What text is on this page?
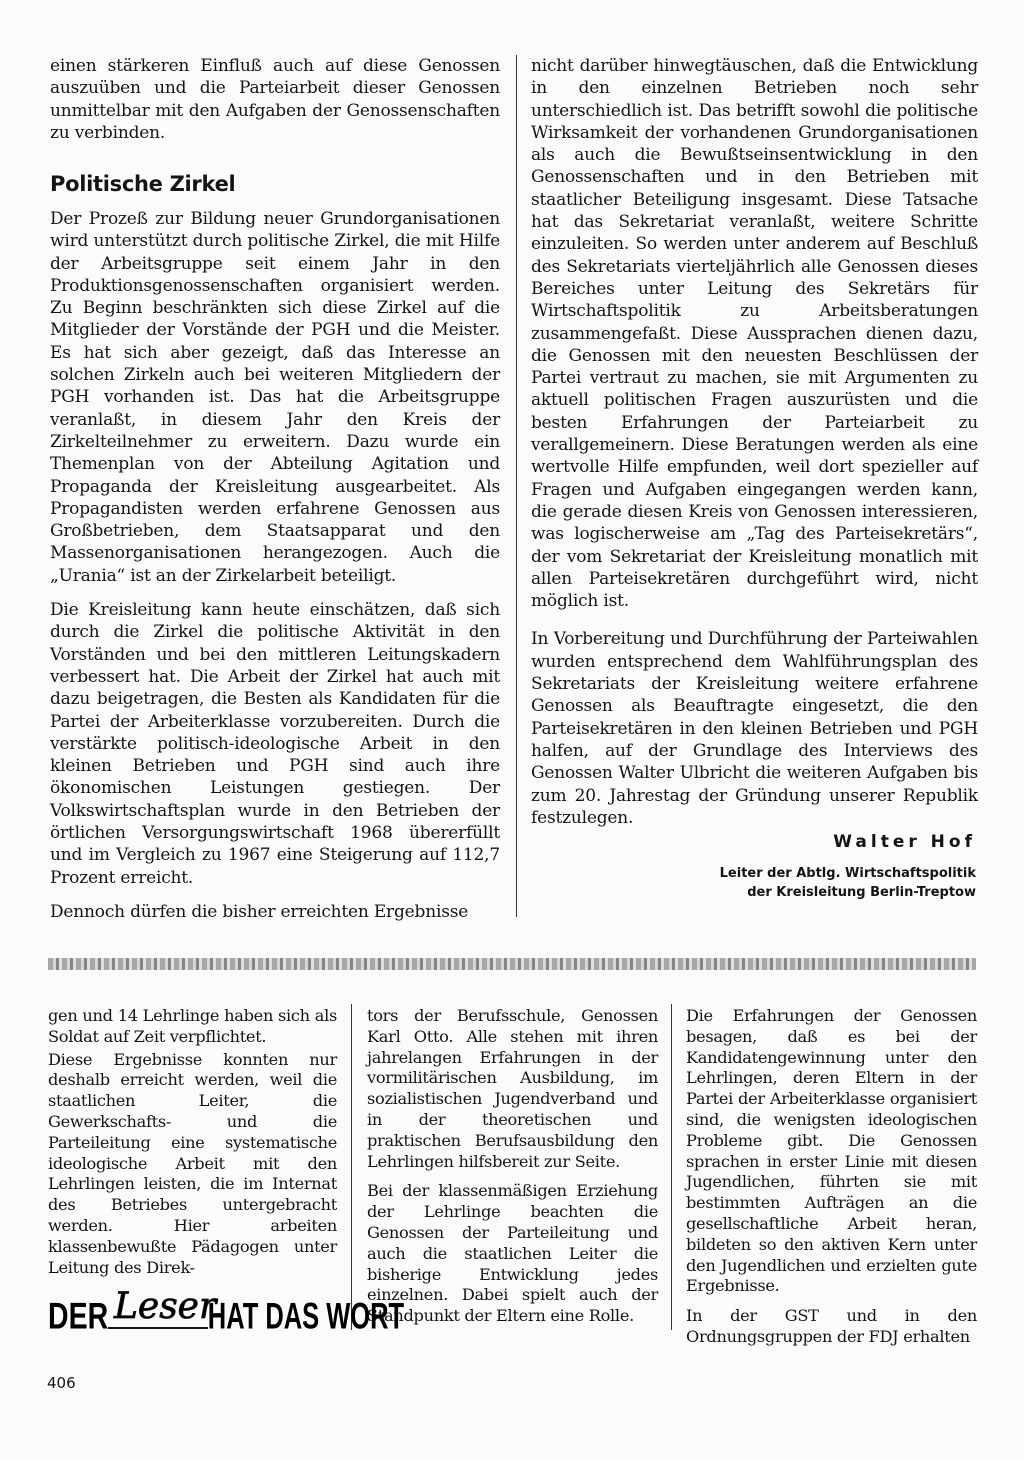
einen stärkeren Einfluß auch auf diese Genossen auszuüben und die Parteiarbeit dieser Genossen unmittelbar mit den Aufgaben der Genossenschaften zu verbinden.

Politische Zirkel

Der Prozeß zur Bildung neuer Grundorganisationen wird unterstützt durch politische Zirkel, die mit Hilfe der Arbeitsgruppe seit einem Jahr in den Produktionsgenossenschaften organisiert werden. Zu Beginn beschränkten sich diese Zirkel auf die Mitglieder der Vorstände der PGH und die Meister. Es hat sich aber gezeigt, daß das Interesse an solchen Zirkeln auch bei weiteren Mitgliedern der PGH vorhanden ist. Das hat die Arbeitsgruppe veranlaßt, in diesem Jahr den Kreis der Zirkelteilnehmer zu erweitern. Dazu wurde ein Themenplan von der Abteilung Agitation und Propaganda der Kreisleitung ausgearbeitet. Als Propagandisten werden erfahrene Genossen aus Großbetrieben, dem Staatsapparat und den Massenorganisationen herangezogen. Auch die „Urania“ ist an der Zirkelarbeit beteiligt.

Die Kreisleitung kann heute einschätzen, daß sich durch die Zirkel die politische Aktivität in den Vorständen und bei den mittleren Leitungskadern verbessert hat. Die Arbeit der Zirkel hat auch mit dazu beigetragen, die Besten als Kandidaten für die Partei der Arbeiterklasse vorzubereiten. Durch die verstärkte politisch-ideologische Arbeit in den kleinen Betrieben und PGH sind auch ihre ökonomischen Leistungen gestiegen. Der Volkswirtschaftsplan wurde in den Betrieben der örtlichen Versorgungswirtschaft 1968 übererfüllt und im Vergleich zu 1967 eine Steigerung auf 112,7 Prozent erreicht.

Dennoch dürfen die bisher erreichten Ergebnisse

nicht darüber hinwegtäuschen, daß die Entwicklung in den einzelnen Betrieben noch sehr unterschiedlich ist. Das betrifft sowohl die politische Wirksamkeit der vorhandenen Grundorganisationen als auch die Bewußtseinsentwicklung in den Genossenschaften und in den Betrieben mit staatlicher Beteiligung insgesamt. Diese Tatsache hat das Sekretariat veranlaßt, weitere Schritte einzuleiten. So werden unter anderem auf Beschluß des Sekretariats vierteljährlich alle Genossen dieses Bereiches unter Leitung des Sekretärs für Wirtschaftspolitik zu Arbeitsberatungen zusammengefaßt. Diese Aussprachen dienen dazu, die Genossen mit den neuesten Beschlüssen der Partei vertraut zu machen, sie mit Argumenten zu aktuell politischen Fragen auszurüsten und die besten Erfahrungen der Parteiarbeit zu verallgemeinern. Diese Beratungen werden als eine wertvolle Hilfe empfunden, weil dort spezieller auf Fragen und Aufgaben eingegangen werden kann, die gerade diesen Kreis von Genossen interessieren, was logischerweise am „Tag des Parteisekretärs“, der vom Sekretariat der Kreisleitung monatlich mit allen Parteisekretären durchgeführt wird, nicht möglich ist.

In Vorbereitung und Durchführung der Parteiwahlen wurden entsprechend dem Wahlführungsplan des Sekretariats der Kreisleitung weitere erfahrene Genossen als Beauftragte eingesetzt, die den Parteisekretären in den kleinen Betrieben und PGH halfen, auf der Grundlage des Interviews des Genossen Walter Ulbricht die weiteren Aufgaben bis zum 20. Jahrestag der Gründung unserer Republik festzulegen.

Walter Hof
Leiter der Abtlg. Wirtschaftspolitik
der Kreisleitung Berlin-Treptow

gen und 14 Lehrlinge haben sich als Soldat auf Zeit verpflichtet.

Diese Ergebnisse konnten nur deshalb erreicht werden, weil die staatlichen Leiter, die Gewerkschafts- und die Parteileitung eine systematische ideologische Arbeit mit den Lehrlingen leisten, die im Internat des Betriebes untergebracht werden. Hier arbeiten klassenbewußte Pädagogen unter Leitung des Direk-

tors der Berufsschule, Genossen Karl Otto. Alle stehen mit ihren jahrelangen Erfahrungen in der vormilitärischen Ausbildung, im sozialistischen Jugendverband und in der theoretischen und praktischen Berufsausbildung den Lehrlingen hilfsbereit zur Seite.

Bei der klassenmäßigen Erziehung der Lehrlinge beachten die Genossen der Parteileitung und auch die staatlichen Leiter die bisherige Entwicklung jedes einzelnen. Dabei spielt auch der Standpunkt der Eltern eine Rolle.

Die Erfahrungen der Genossen besagen, daß es bei der Kandidatengewinnung unter den Lehrlingen, deren Eltern in der Partei der Arbeiterklasse organisiert sind, die wenigsten ideologischen Probleme gibt. Die Genossen sprachen in erster Linie mit diesen Jugendlichen, führten sie mit bestimmten Aufträgen an die gesellschaftliche Arbeit heran, bildeten so den aktiven Kern unter den Jugendlichen und erzielten gute Ergebnisse.

In der GST und in den Ordnungsgruppen der FDJ erhalten

DER Leser
HAT DAS WORT
406
